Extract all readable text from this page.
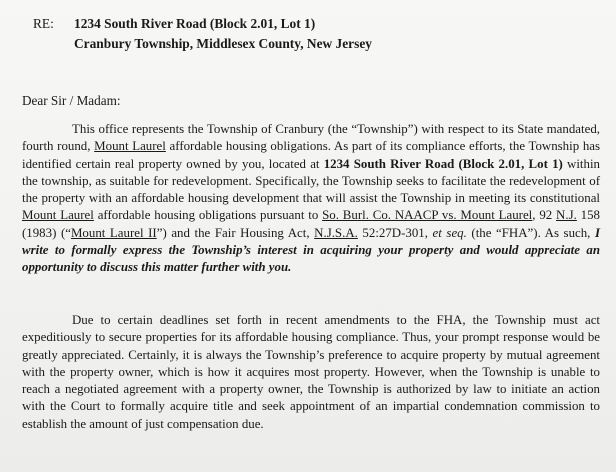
RE: 1234 South River Road (Block 2.01, Lot 1)
Cranbury Township, Middlesex County, New Jersey
Dear Sir / Madam:

This office represents the Township of Cranbury (the “Township”) with respect to its State mandated, fourth round, Mount Laurel affordable housing obligations. As part of its compliance efforts, the Township has identified certain real property owned by you, located at 1234 South River Road (Block 2.01, Lot 1) within the township, as suitable for redevelopment. Specifically, the Township seeks to facilitate the redevelopment of the property with an affordable housing development that will assist the Township in meeting its constitutional Mount Laurel affordable housing obligations pursuant to So. Burl. Co. NAACP vs. Mount Laurel, 92 N.J. 158 (1983) (“Mount Laurel II”) and the Fair Housing Act, N.J.S.A. 52:27D-301, et seq. (the “FHA”). As such, I write to formally express the Township’s interest in acquiring your property and would appreciate an opportunity to discuss this matter further with you.

Due to certain deadlines set forth in recent amendments to the FHA, the Township must act expeditiously to secure properties for its affordable housing compliance. Thus, your prompt response would be greatly appreciated. Certainly, it is always the Township’s preference to acquire property by mutual agreement with the property owner, which is how it acquires most property. However, when the Township is unable to reach a negotiated agreement with a property owner, the Township is authorized by law to initiate an action with the Court to formally acquire title and seek appointment of an impartial condemnation commission to establish the amount of just compensation due.
